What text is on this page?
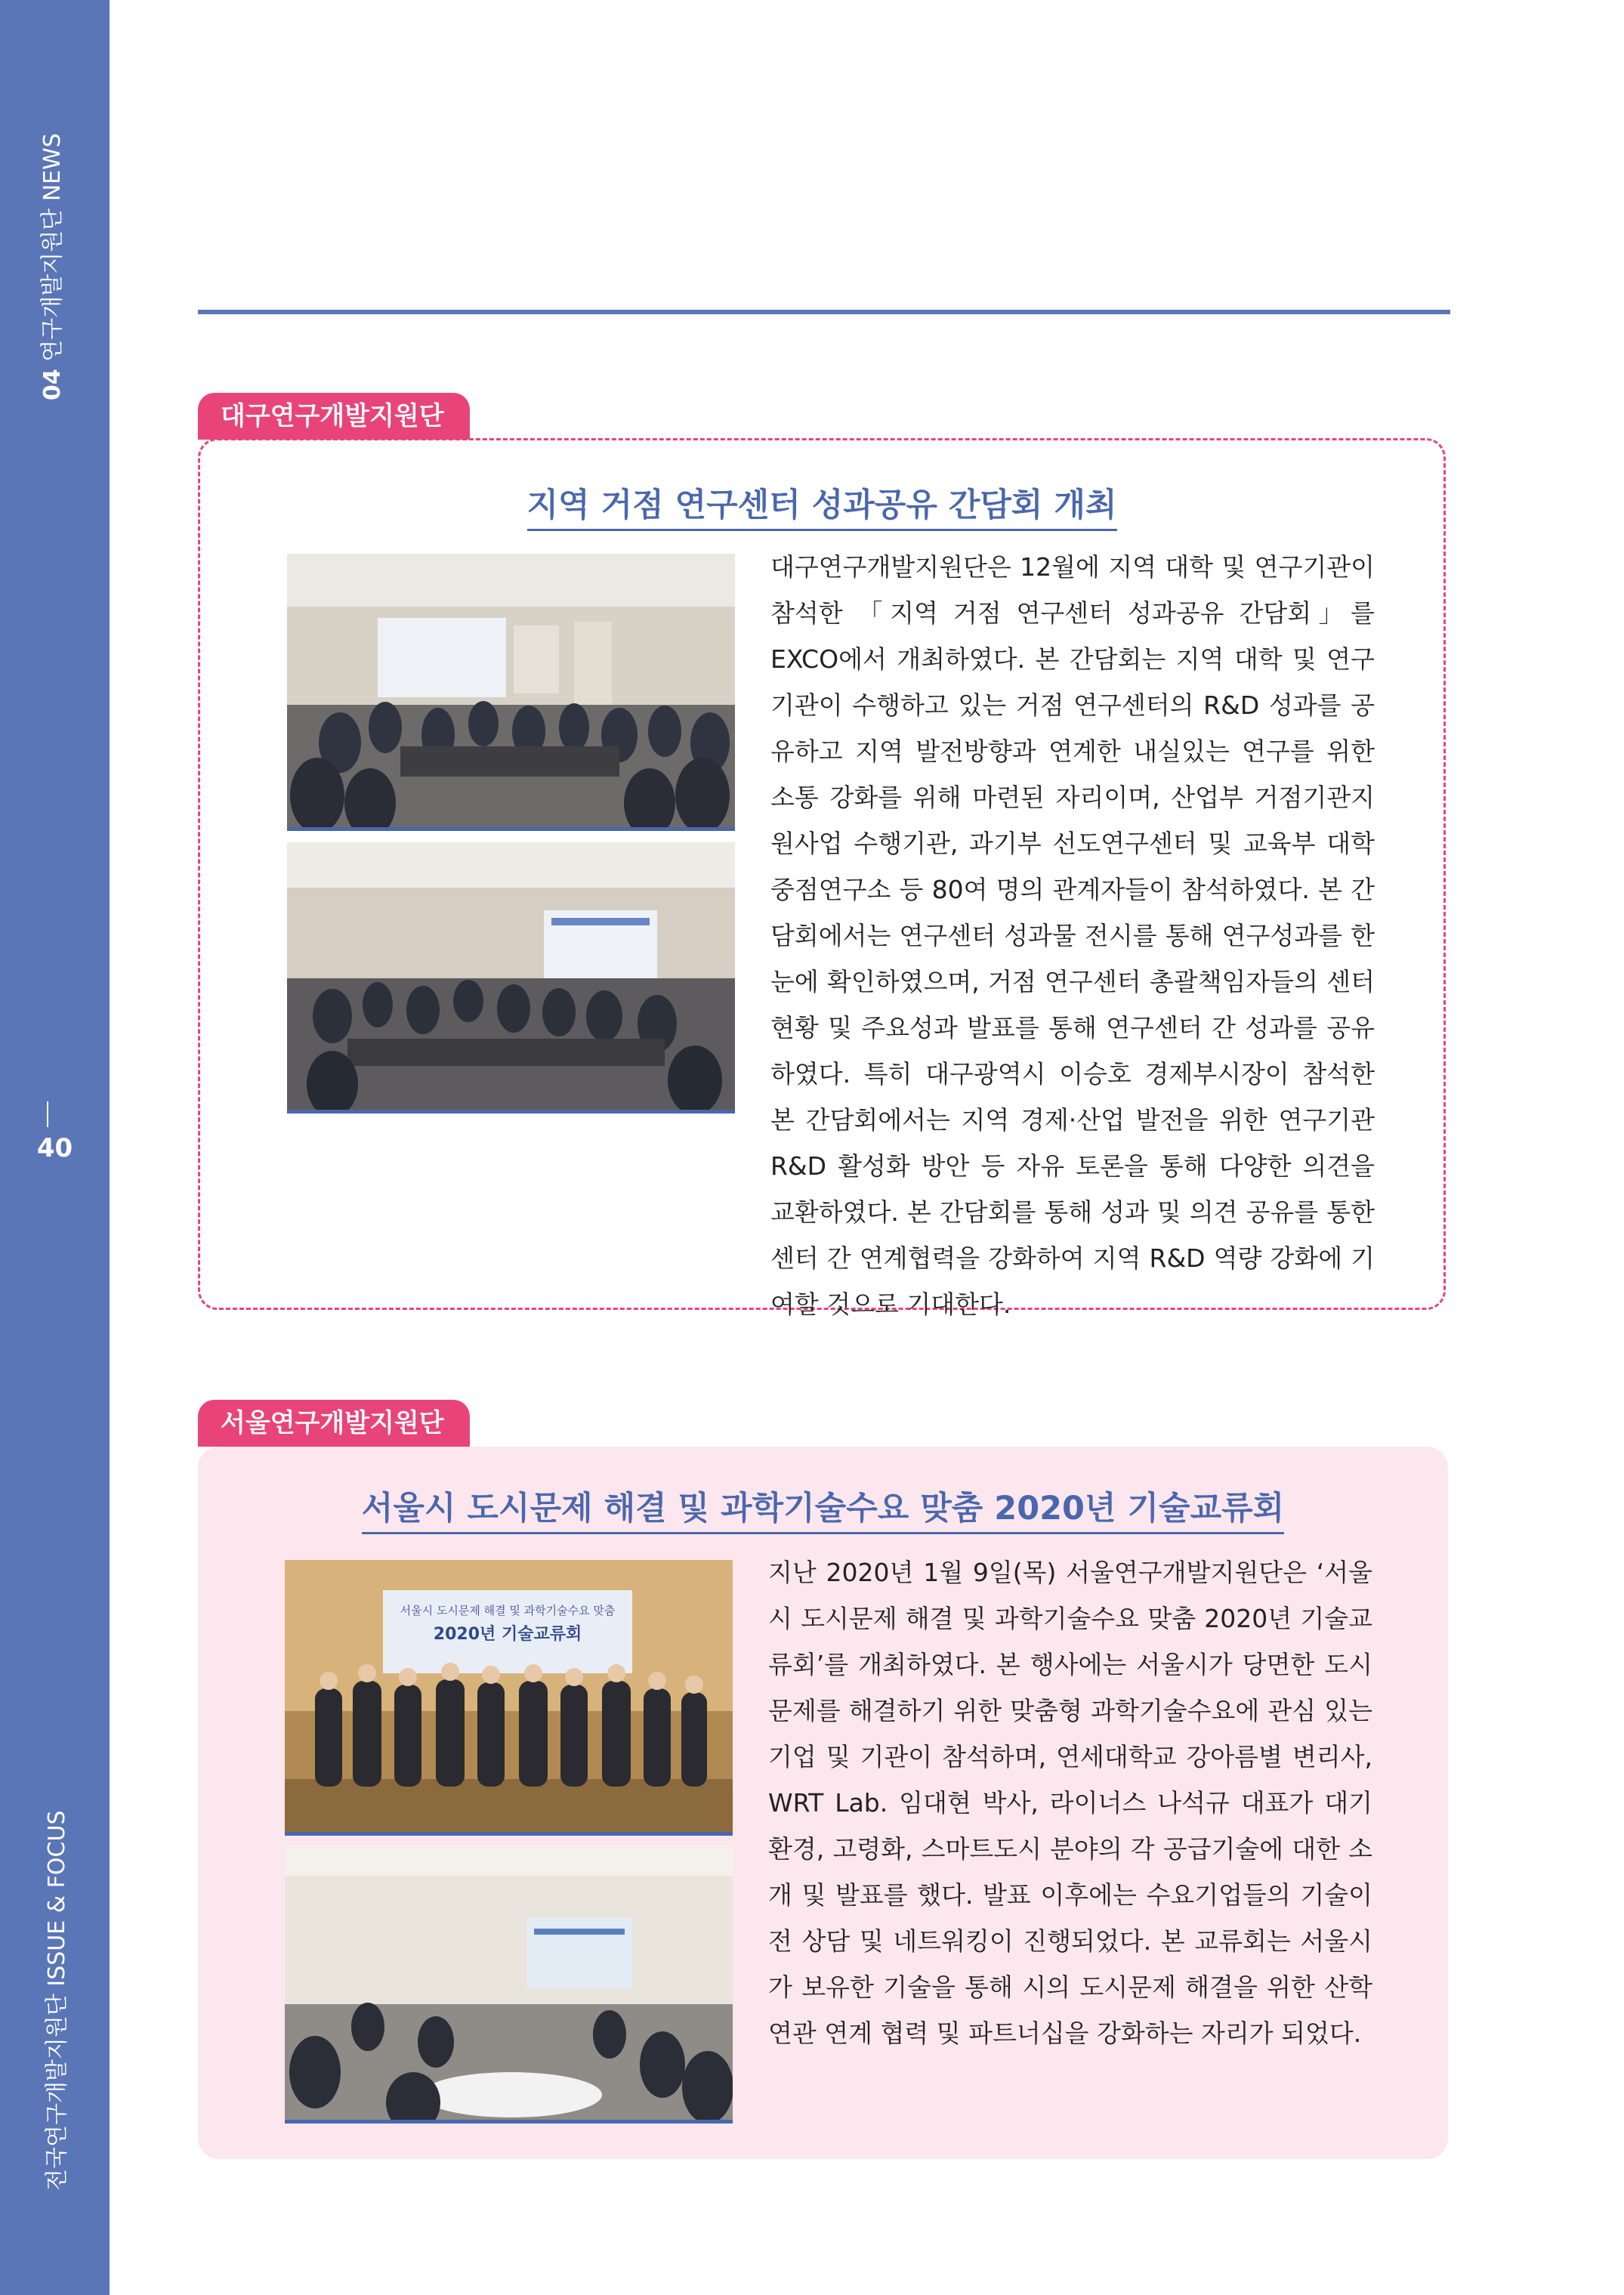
04 연구개발지원단 NEWS
40
전국연구개발지원단 ISSUE & FOCUS
대구연구개발지원단
지역 거점 연구센터 성과공유 간담회 개최
대구연구개발지원단은 12월에 지역 대학 및 연구기관이 참석한 「지역 거점 연구센터 성과공유 간담회」를 EXCO에서 개최하였다. 본 간담회는 지역 대학 및 연구기관이 수행하고 있는 거점 연구센터의 R&D 성과를 공유하고 지역 발전방향과 연계한 내실있는 연구를 위한 소통 강화를 위해 마련된 자리이며, 산업부 거점기관지원사업 수행기관, 과기부 선도연구센터 및 교육부 대학중점연구소 등 80여 명의 관계자들이 참석하였다. 본 간담회에서는 연구센터 성과물 전시를 통해 연구성과를 한눈에 확인하였으며, 거점 연구센터 총괄책임자들의 센터 현황 및 주요성과 발표를 통해 연구센터 간 성과를 공유하였다. 특히 대구광역시 이승호 경제부시장이 참석한 본 간담회에서는 지역 경제·산업 발전을 위한 연구기관 R&D 활성화 방안 등 자유 토론을 통해 다양한 의견을 교환하였다. 본 간담회를 통해 성과 및 의견 공유를 통한 센터 간 연계협력을 강화하여 지역 R&D 역량 강화에 기여할 것으로 기대한다.
서울연구개발지원단
서울시 도시문제 해결 및 과학기술수요 맞춤 2020년 기술교류회
서울시 도시문제 해결 및 과학기술수요 맞춤
2020년 기술교류회
지난 2020년 1월 9일(목) 서울연구개발지원단은 ‘서울시 도시문제 해결 및 과학기술수요 맞춤 2020년 기술교류회’를 개최하였다. 본 행사에는 서울시가 당면한 도시문제를 해결하기 위한 맞춤형 과학기술수요에 관심 있는 기업 및 기관이 참석하며, 연세대학교 강아름별 변리사, WRT Lab. 임대현 박사, 라이너스 나석규 대표가 대기환경, 고령화, 스마트도시 분야의 각 공급기술에 대한 소개 및 발표를 했다. 발표 이후에는 수요기업들의 기술이전 상담 및 네트워킹이 진행되었다. 본 교류회는 서울시가 보유한 기술을 통해 시의 도시문제 해결을 위한 산학연관 연계 협력 및 파트너십을 강화하는 자리가 되었다.
